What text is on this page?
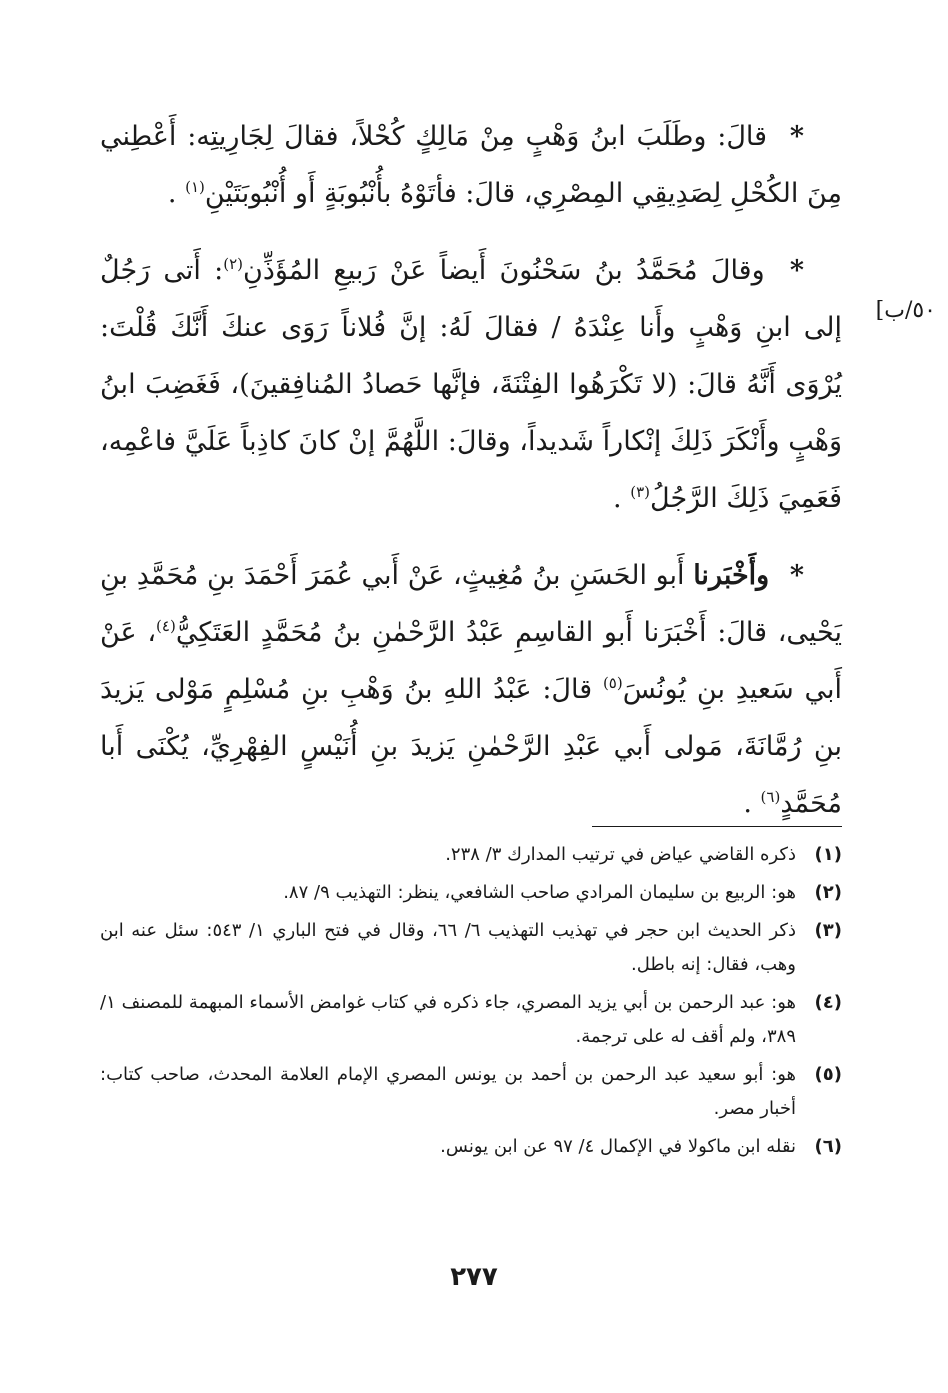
* قالَ: وطَلَبَ ابنُ وَهْبٍ مِنْ مَالِكٍ كُحْلاً، فقالَ لِجَارِيتِه: أَعْطِني مِنَ الكُحْلِ لِصَدِيقِي المِصْرِي، قالَ: فأتَوْهُ بأُنْبُوبَةٍ أَو أُنْبُوبَتَيْنِ$^{(١)}$ .

* وقالَ مُحَمَّدُ بنُ سَحْنُونَ أَيضاً عَنْ رَبيعِ المُؤَذِّنِ$^{(٢)}$: أَتى رَجُلٌ إلى ابنِ وَهْبٍ وأَنا عِنْدَهُ / فقالَ لَهُ: إنَّ فُلاناً رَوَى عنكَ أَنَّكَ قُلْتَ: يُرْوَى أَنَّهُ قالَ: (لا تَكْرَهُوا الفِتْنَةَ، فإنَّها حَصادُ المُنافِقينَ)، فَغَضِبَ ابنُ وَهْبٍ وأَنْكَرَ ذَلِكَ إنْكاراً شَديداً، وقالَ: اللَّهُمَّ إنْ كانَ كاذِباً عَلَيَّ فاعْمِه، فَعَمِيَ ذَلِكَ الرَّجُلُ$^{(٣)}$ .

* وأَخْبَرنا أَبو الحَسَنِ بنُ مُغِيثٍ، عَنْ أَبي عُمَرَ أَحْمَدَ بنِ مُحَمَّدِ بنِ يَحْيى، قالَ: أَخْبَرَنا أَبو القاسِمِ عَبْدُ الرَّحْمٰنِ بنُ مُحَمَّدٍ العَتَكِيُّ$^{(٤)}$، عَنْ أَبي سَعيدِ بنِ يُونُسَ$^{(٥)}$ قالَ: عَبْدُ اللهِ بنُ وَهْبِ بنِ مُسْلِمٍ مَوْلى يَزيدَ بنِ رُمَّانَةَ، مَولى أَبي عَبْدِ الرَّحْمٰنِ يَزيدَ بنِ أُنَيْسٍ الفِهْرِيِّ، يُكْنَى أَبا مُحَمَّدٍ$^{(٦)}$ .

[٥٠/ب
(١)
ذكره القاضي عياض في ترتيب المدارك ٣/ ٢٣٨.
(٢)
هو: الربيع بن سليمان المرادي صاحب الشافعي، ينظر: التهذيب ٩/ ٨٧.
(٣)
ذكر الحديث ابن حجر في تهذيب التهذيب ٦/ ٦٦، وقال في فتح الباري ١/ ٥٤٣: سئل عنه ابن وهب، فقال: إنه باطل.
(٤)
هو: عبد الرحمن بن أبي يزيد المصري، جاء ذكره في كتاب غوامض الأسماء المبهمة للمصنف ١/ ٣٨٩، ولم أقف له على ترجمة.
(٥)
هو: أبو سعيد عبد الرحمن بن أحمد بن يونس المصري الإمام العلامة المحدث، صاحب كتاب: أخبار مصر.
(٦)
نقله ابن ماكولا في الإكمال ٤/ ٩٧ عن ابن يونس.
٢٧٧
